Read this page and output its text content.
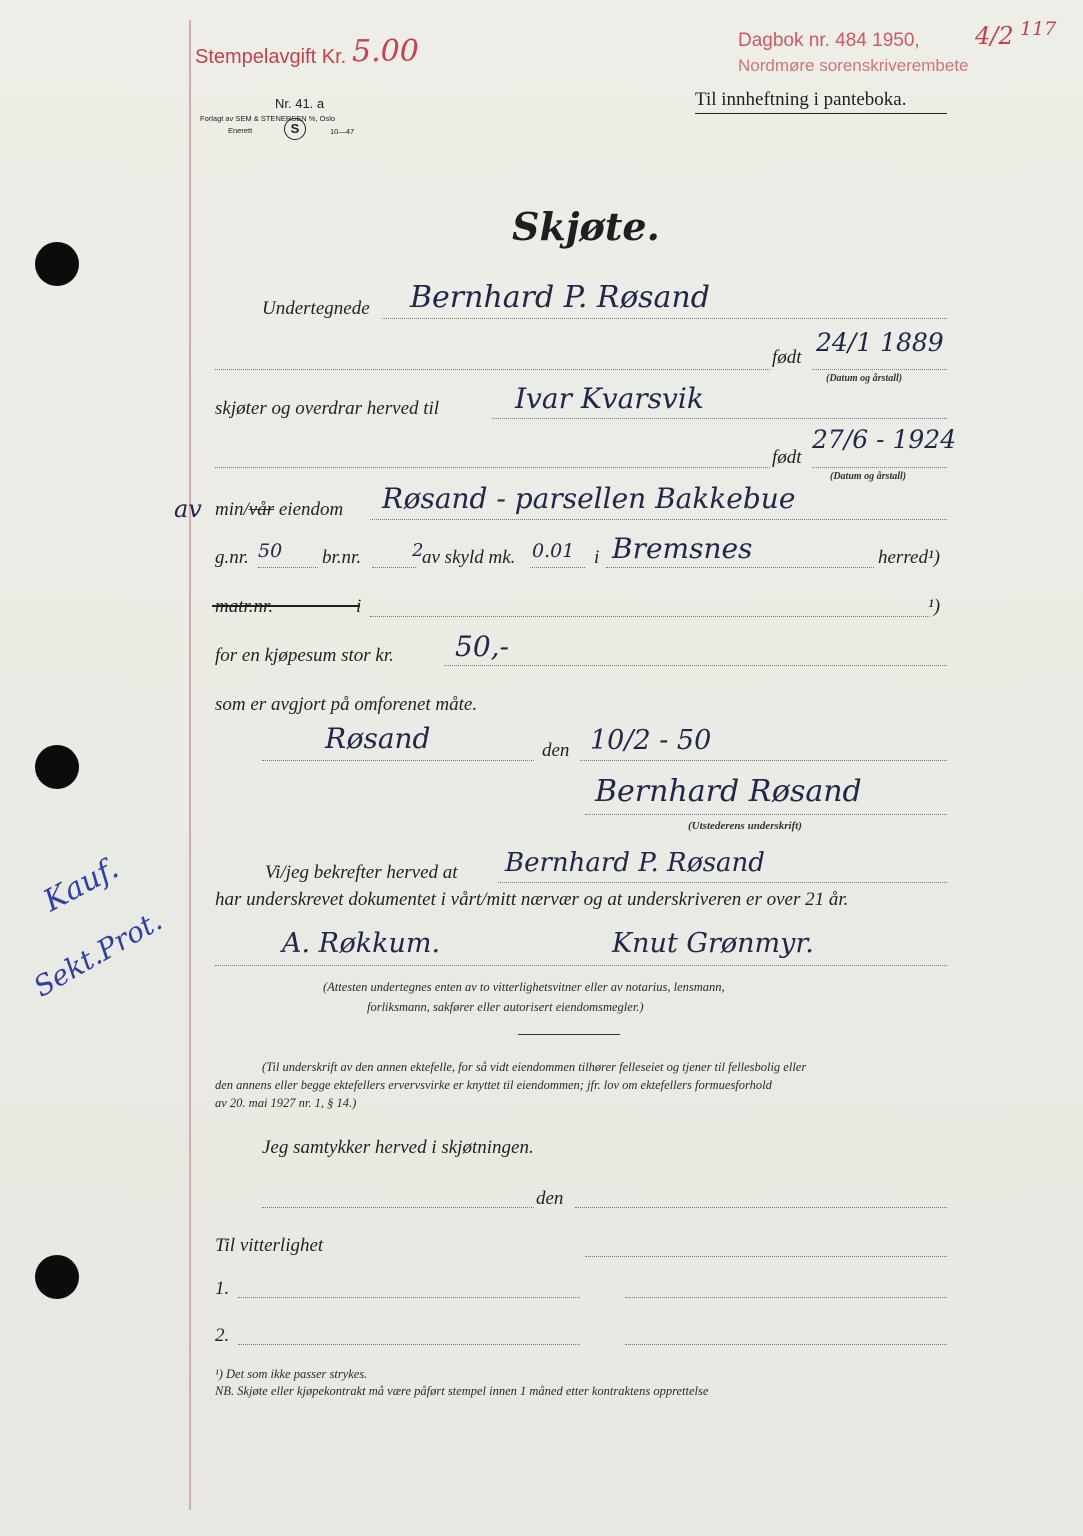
Stempelavgift Kr. 5.00	Dagbok nr. 484 1950, 4/2 117
Nordmøre sorenskriverembete
Nr. 41. a
Forlagt av SEM & STENERSEN %, Oslo
Enerett	S	10—47
Til innheftning i panteboka.
Skjøte.
Undertegnede Bernhard P. Røsand
født
24/1 1889
(Datum og årstall)
skjøter og overdrar herved til	Ivar Kvarsvik
født
27/6 - 1924
(Datum og årstall)
av min/vår eiendom Røsand - parsellen Bakkebue
g.nr. 50 br.nr.	2
av skyld mk. 0.01 i Bremsnes	herred¹)
matr.nr.	i	¹)
for en kjøpesum stor kr. 50,-
som er avgjort på omforenet måte.
Røsand	den 10/2 - 50
Bernhard Røsand
(Utstederens underskrift)
Vi/jeg bekrefter herved at Bernhard P. Røsand
har underskrevet dokumentet i vårt/mitt nærvær og at underskriveren er over 21 år.
A. Røkkum.	Knut Grønmyr.
(Attesten undertegnes enten av to vitterlighetsvitner eller av notarius, lensmann,
forliksmann, sakfører eller autorisert eiendomsmegler.)
(Til underskrift av den annen ektefelle, for så vidt eiendommen tilhører felleseiet og tjener til fellesbolig eller
den annens eller begge ektefellers ervervsvirke er knyttet til eiendommen; jfr. lov om ektefellers formuesforhold
av 20. mai 1927 nr. 1, § 14.)
Jeg samtykker herved i skjøtningen.
den
Til vitterlighet
1.
2.
¹) Det som ikke passer strykes.
NB. Skjøte eller kjøpekontrakt må være påført stempel innen 1 måned etter kontraktens opprettelse
Kauf.
Sekt.Prot.
